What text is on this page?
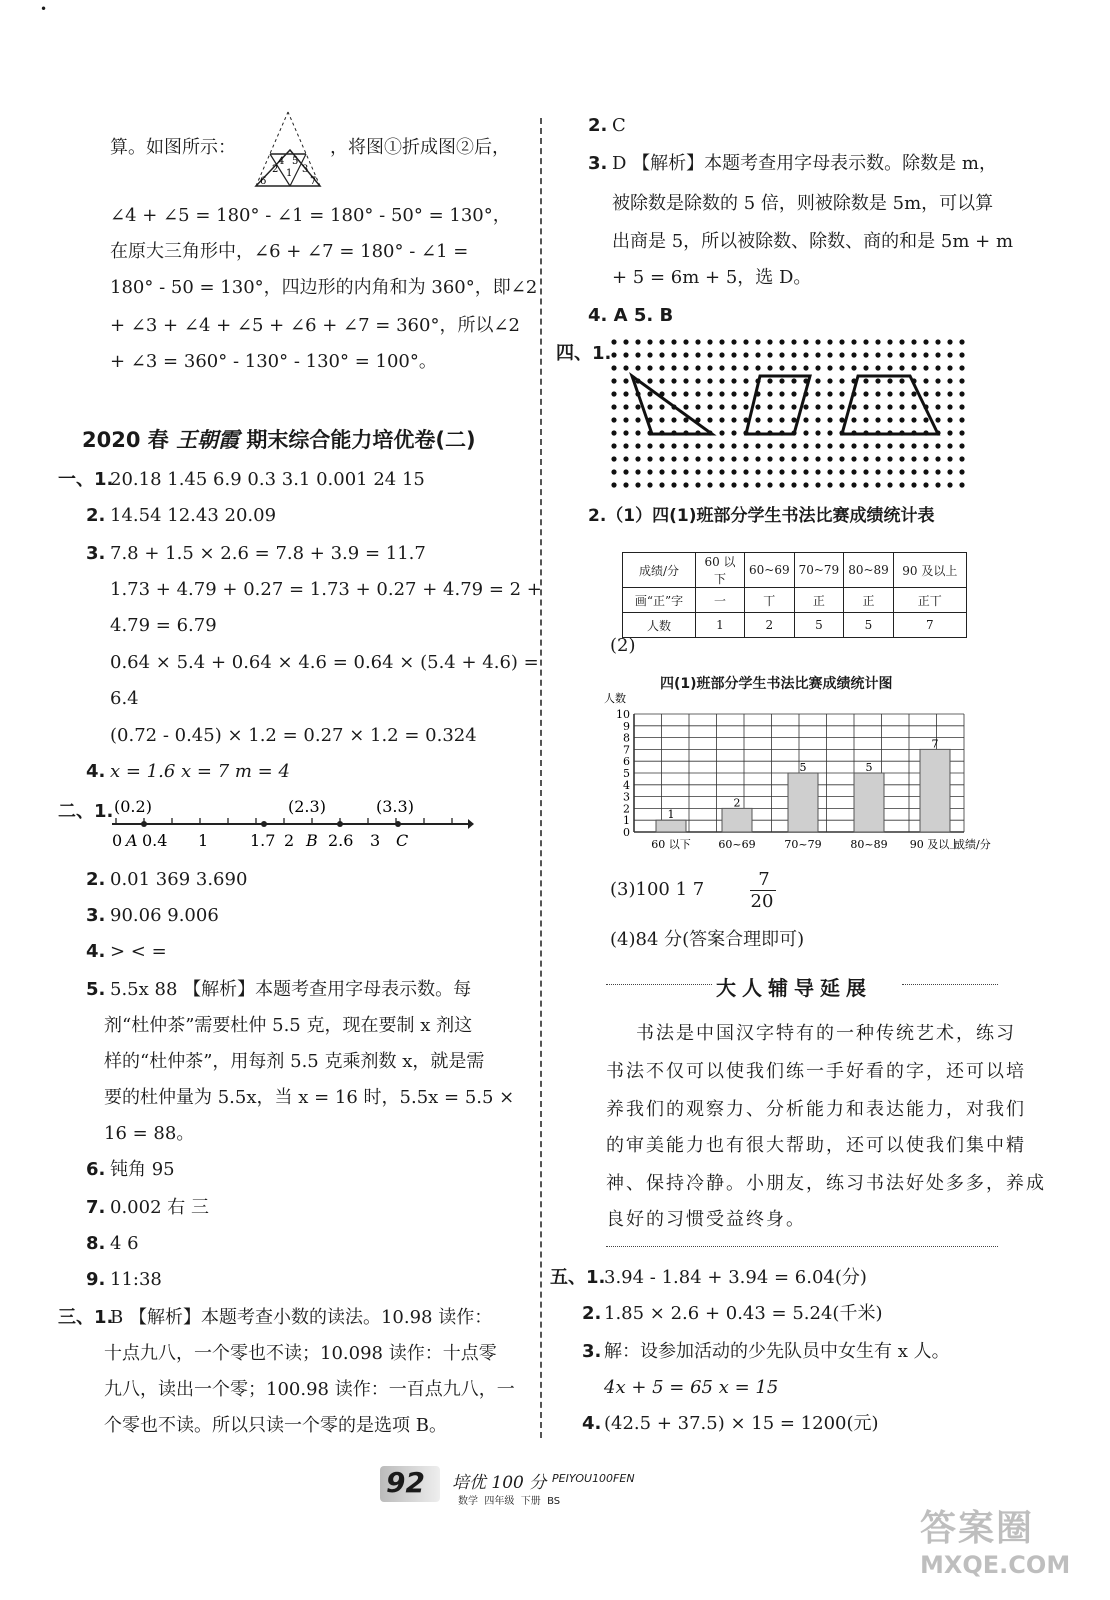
算。如图所示：
4 5
2 1 3
6	7
，将图①折成图②后，
∠4 + ∠5 = 180° - ∠1 = 180° - 50° = 130°，
在原大三角形中，∠6 + ∠7 = 180° - ∠1 =
180° - 50 = 130°，四边形的内角和为 360°，即∠2
+ ∠3 + ∠4 + ∠5 + ∠6 + ∠7 = 360°，所以∠2
+ ∠3 = 360° - 130° - 130° = 100°。
2020 春 王朝霞 期末综合能力培优卷(二)
一、1.
20.18 1.45 6.9 0.3 3.1 0.001 24 15
2. 14.54 12.43 20.09
3. 7.8 + 1.5 × 2.6 = 7.8 + 3.9 = 11.7
1.73 + 4.79 + 0.27 = 1.73 + 0.27 + 4.79 = 2 +
4.79 = 6.79
0.64 × 5.4 + 0.64 × 4.6 = 0.64 × (5.4 + 4.6) =
6.4
(0.72 - 0.45) × 1.2 = 0.27 × 1.2 = 0.324
4. x = 1.6 x = 7 m = 4
二、1. (0.2)	(2.3)	(3.3)
0 A 0.4 1	1.7 2 B 2.6 3 C
2. 0.01 369 3.690
3. 90.06 9.006
4. > < =
5. 5.5x 88 【解析】本题考查用字母表示数。每
剂“杜仲茶”需要杜仲 5.5 克，现在要制 x 剂这
样的“杜仲茶”，用每剂 5.5 克乘剂数 x，就是需
要的杜仲量为 5.5x，当 x = 16 时，5.5x = 5.5 ×
16 = 88。
6. 钝角 95
7. 0.002 右 三
8. 4 6
9. 11:38
三、1.
B 【解析】本题考查小数的读法。10.98 读作：
十点九八，一个零也不读；10.098 读作：十点零
九八，读出一个零；100.98 读作：一百点九八，一
个零也不读。所以只读一个零的是选项 B。
2. C
3. D 【解析】本题考查用字母表示数。除数是 m，
被除数是除数的 5 倍，则被除数是 5m，可以算
出商是 5，所以被除数、除数、商的和是 5m + m
+ 5 = 6m + 5，选 D。
4. A 5. B
四、1.
2.（1）四(1)班部分学生书法比赛成绩统计表
成绩/分	60 以下	60~69	70~79	80~89	90 及以上
画“正”字	一	丅	正	正	正丅
人数	1	2	5	5	7
(2)
四(1)班部分学生书法比赛成绩统计图
人数
成绩/分
0
1
2
3
4
5
6
7
8
9
10
1
60 以下
2
60~69
5
70~79
5
80~89
7
90 及以上
(3)100 1 7	7
20
(4)84 分(答案合理即可)
大人辅导延展
书法是中国汉字特有的一种传统艺术，练习
书法不仅可以使我们练一手好看的字，还可以培
养我们的观察力、分析能力和表达能力，对我们
的审美能力也有很大帮助，还可以使我们集中精
神、保持冷静。小朋友，练习书法好处多多，养成
良好的习惯受益终身。
五、1.
3.94 - 1.84 + 3.94 = 6.04(分)
2. 1.85 × 2.6 + 0.43 = 5.24(千米)
3. 解：设参加活动的少先队员中女生有 x 人。
4x + 5 = 65 x = 15
4. (42.5 + 37.5) × 15 = 1200(元)
92 培优 100 分 PEIYOU100FEN
数学  四年级  下册  BS
答案圈
MXQE.COM
•
